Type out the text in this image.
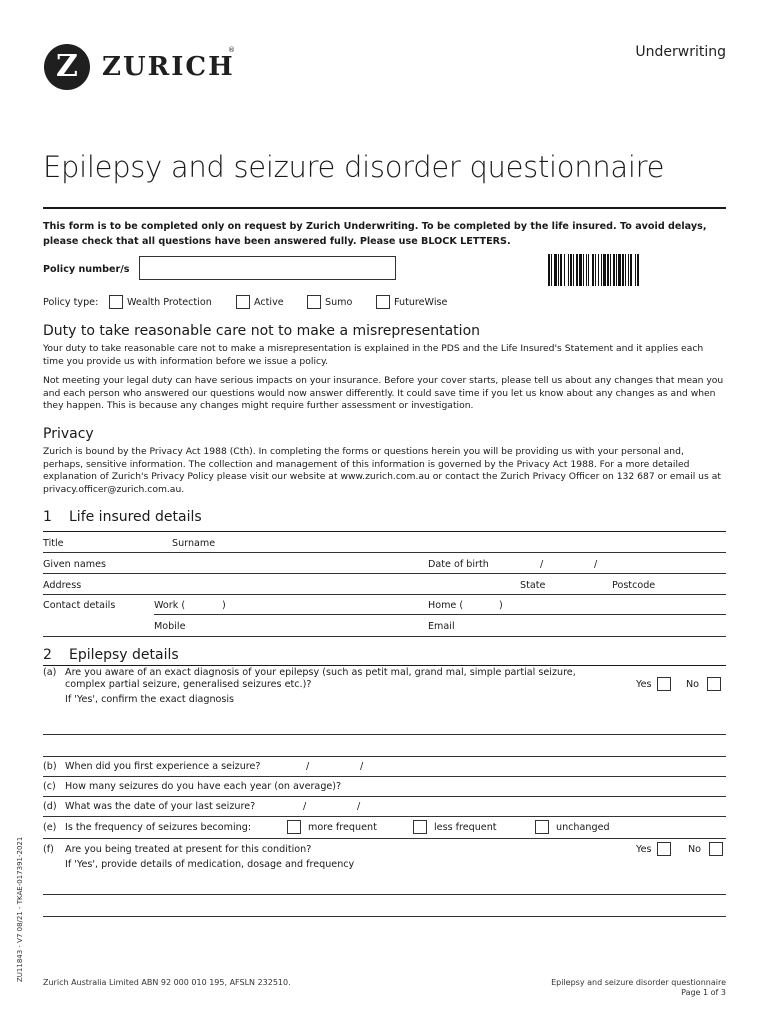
Z ZURICH
®	Underwriting
Epilepsy and seizure disorder questionnaire
This form is to be completed only on request by Zurich Underwriting. To be completed by the life insured. To avoid delays, please check that all questions have been answered fully. Please use BLOCK LETTERS.
Policy number/s
Policy type:	Wealth Protection	Active	Sumo	FutureWise
Duty to take reasonable care not to make a misrepresentation
Your duty to take reasonable care not to make a misrepresentation is explained in the PDS and the Life Insured's Statement and it applies each time you provide us with information before we issue a policy.
Not meeting your legal duty can have serious impacts on your insurance. Before your cover starts, please tell us about any changes that mean you and each person who answered our questions would now answer differently. It could save time if you let us know about any changes as and when they happen. This is because any changes might require further assessment or investigation.
Privacy
Zurich is bound by the Privacy Act 1988 (Cth). In completing the forms or questions herein you will be providing us with your personal and, perhaps, sensitive information. The collection and management of this information is governed by the Privacy Act 1988. For a more detailed explanation of Zurich's Privacy Policy please visit our website at www.zurich.com.au or contact the Zurich Privacy Officer on 132 687 or email us at privacy.officer@zurich.com.au.
1 Life insured details
Title	Surname
Given names	Date of birth	/	/
Address	State	Postcode
Contact details	Work (	)	Home (	)
Mobile	Email
2 Epilepsy details
(a) Are you aware of an exact diagnosis of your epilepsy (such as petit mal, grand mal, simple partial seizure,
complex partial seizure, generalised seizures etc.)?	Yes	No
If 'Yes', confirm the exact diagnosis
(b) When did you first experience a seizure?	/	/
(c) How many seizures do you have each year (on average)?
(d) What was the date of your last seizure?	/	/
(e) Is the frequency of seizures becoming:	more frequent	less frequent	unchanged
(f) Are you being treated at present for this condition?	Yes	No
If 'Yes', provide details of medication, dosage and frequency
ZU11843 - V7 08/21 - TKAE-017391-2021
Zurich Australia Limited ABN 92 000 010 195, AFSLN 232510.	Epilepsy and seizure disorder questionnaire
Page 1 of 3
